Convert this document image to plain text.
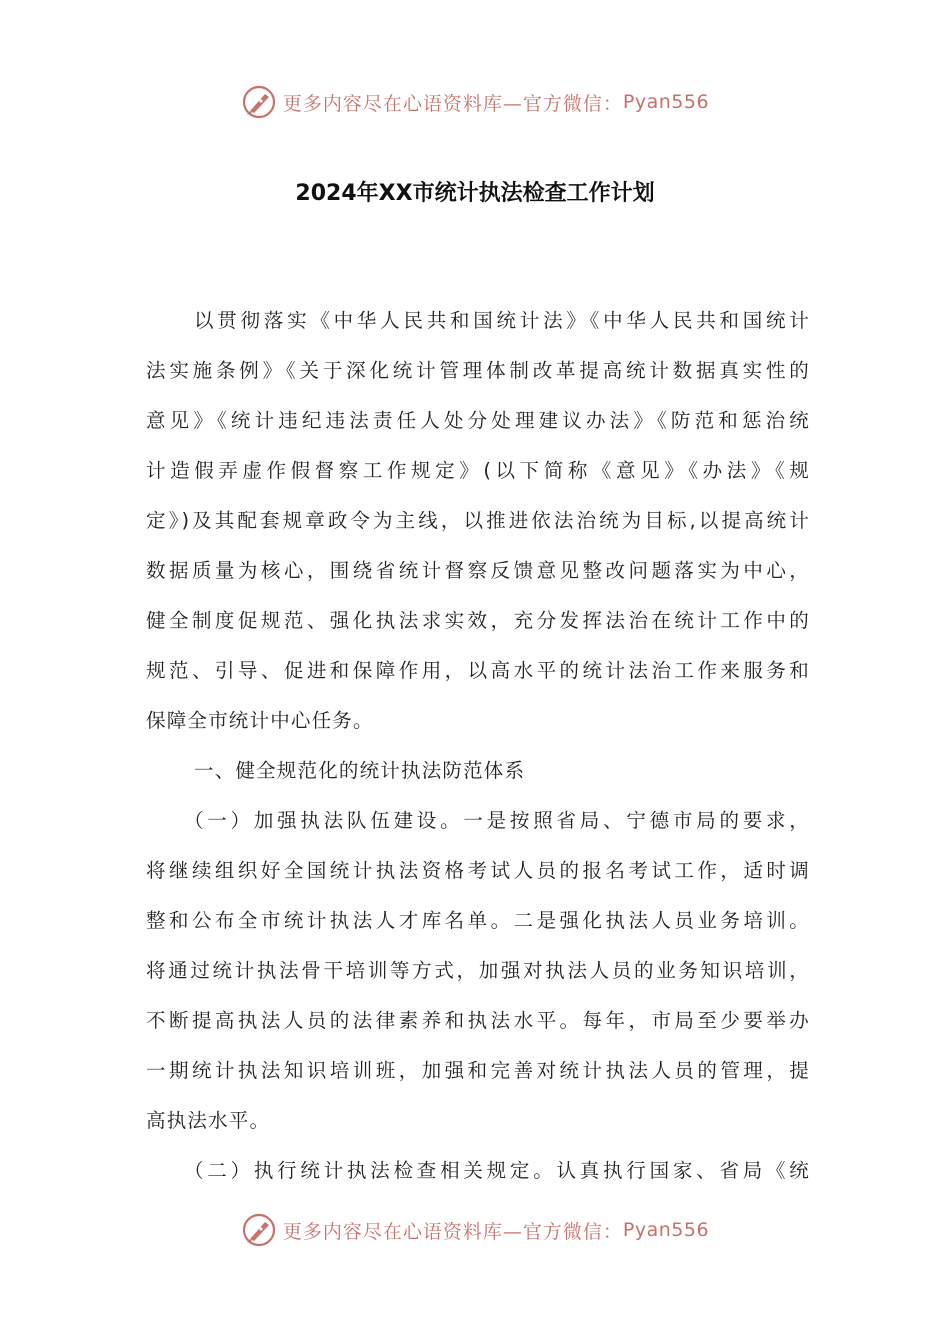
更多内容尽在心语资料库—官方微信： Pyan556
2024年XX市统计执法检查工作计划
以贯彻落实《中华人民共和国统计法》《中华人民共和国统计
法实施条例》《关于深化统计管理体制改革提高统计数据真实性的
意见》《统计违纪违法责任人处分处理建议办法》《防范和惩治统
计造假弄虚作假督察工作规定》(以下简称《意见》《办法》《规
定》)及其配套规章政令为主线，以推进依法治统为目标,以提高统计
数据质量为核心，围绕省统计督察反馈意见整改问题落实为中心，
健全制度促规范、强化执法求实效，充分发挥法治在统计工作中的
规范、引导、促进和保障作用，以高水平的统计法治工作来服务和
保障全市统计中心任务。
一、健全规范化的统计执法防范体系
（一）加强执法队伍建设。一是按照省局、宁德市局的要求，
将继续组织好全国统计执法资格考试人员的报名考试工作，适时调
整和公布全市统计执法人才库名单。二是强化执法人员业务培训。
将通过统计执法骨干培训等方式，加强对执法人员的业务知识培训，
不断提高执法人员的法律素养和执法水平。每年，市局至少要举办
一期统计执法知识培训班，加强和完善对统计执法人员的管理，提
高执法水平。
（二）执行统计执法检查相关规定。认真执行国家、省局《统
更多内容尽在心语资料库—官方微信： Pyan556
